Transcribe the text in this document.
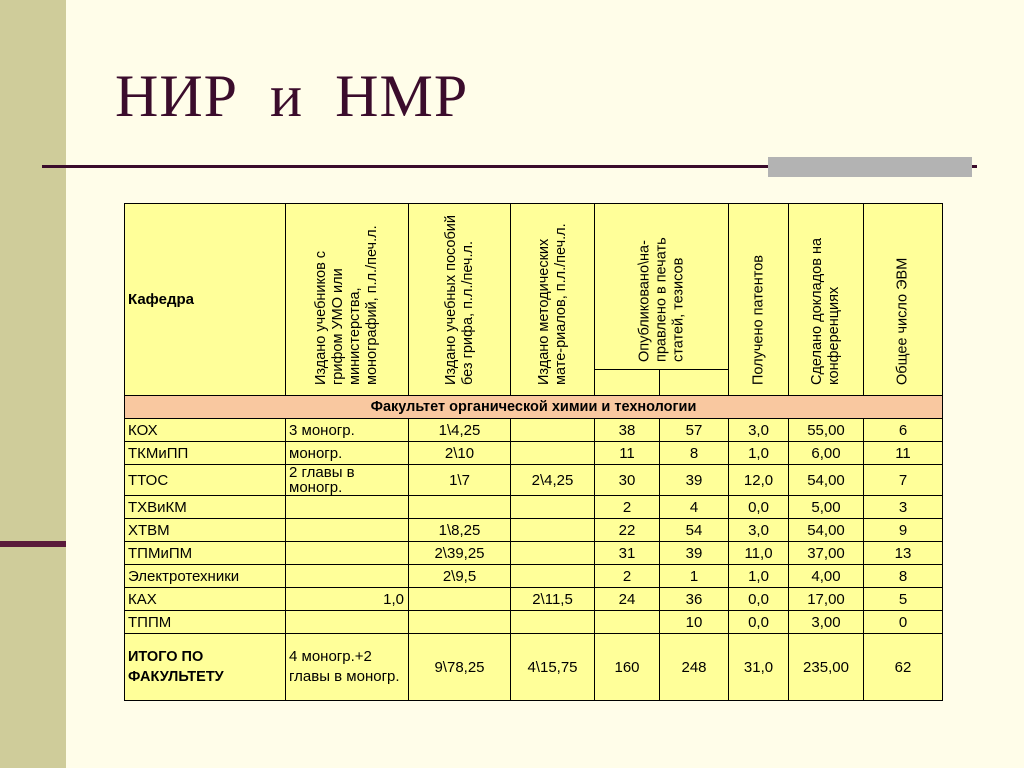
НИР  и  НМР
Кафедра	Издано учебников с грифом УМО или министерства, монографий, п.л./печ.л.	Издано учебных пособий без грифа, п.л./печ.л.	Издано методических мате-риалов, п.л./печ.л.	Опубликовано\на-правлено в печать статей, тезисов		Получено патентов	Сделано докладов на конференциях	Общее число ЭВМ

Факультет органической химии и технологии								
КОХ	3 моногр.	1\4,25		38	57	3,0	55,00	6
ТКМиПП	моногр.	2\10		11	8	1,0	6,00	11
ТТОС	2 главы в моногр.	1\7	2\4,25	30	39	12,0	54,00	7
ТХВиКМ				2	4	0,0	5,00	3
ХТВМ		1\8,25		22	54	3,0	54,00	9
ТПМиПМ		2\39,25		31	39	11,0	37,00	13
Электротехники		2\9,5		2	1	1,0	4,00	8
КАХ	1,0		2\11,5	24	36	0,0	17,00	5
ТППМ					10	0,0	3,00	0
ИТОГО ПО ФАКУЛЬТЕТУ	4 моногр.+2 главы в моногр.	9\78,25	4\15,75	160	248	31,0	235,00	62
